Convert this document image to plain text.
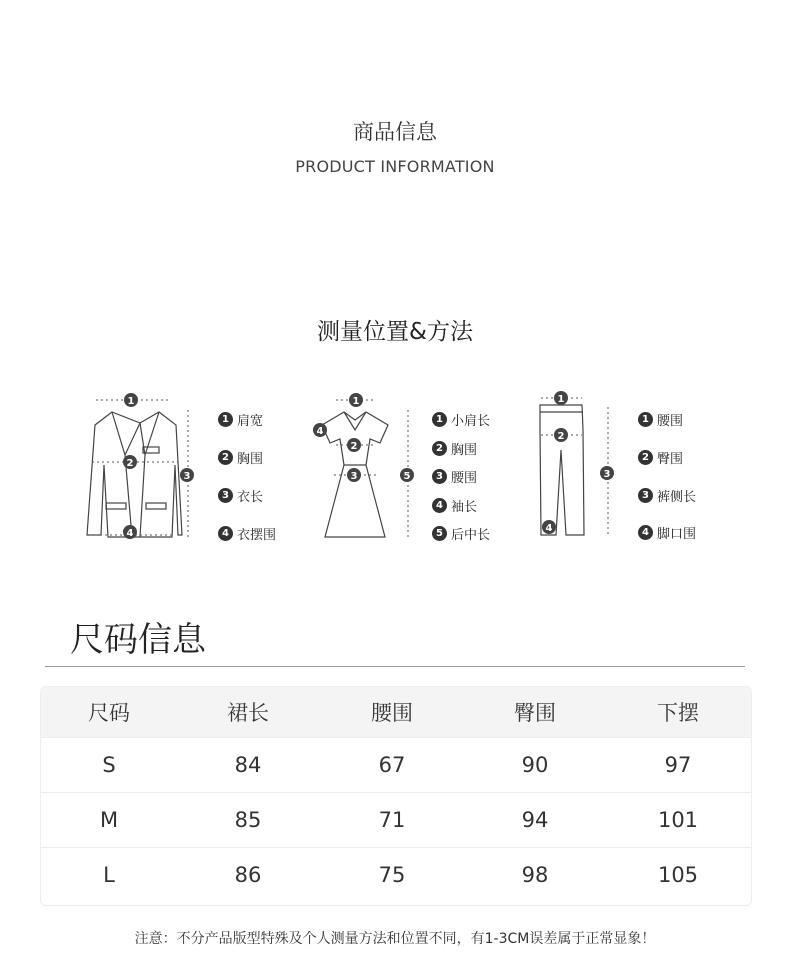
商品信息
PRODUCT INFORMATION
测量位置&方法
1
2
3
4
1
2
3
4
5
1
2
3
4
1 肩宽
2 胸围
3 衣长
4 衣摆围
1 小肩长
2 胸围
3 腰围
4 袖长
5 后中长
1 腰围
2 臀围
3 裤侧长
4 脚口围
尺码信息
尺码	裙长	腰围	臀围	下摆
S	84	67	90	97
M	85	71	94	101
L	86	75	98	105
注意：不分产品版型特殊及个人测量方法和位置不同，有1-3CM误差属于正常显象！
